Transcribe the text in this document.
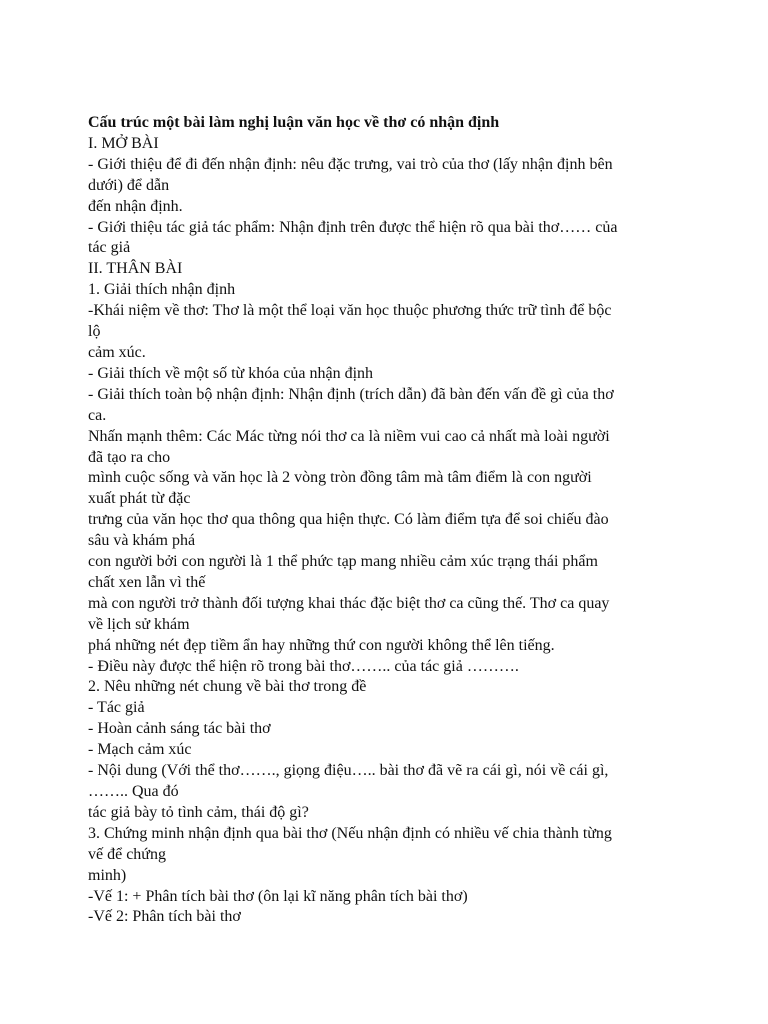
Cấu trúc một bài làm nghị luận văn học về thơ có nhận định
I. MỞ BÀI
- Giới thiệu để đi đến nhận định: nêu đặc trưng, vai trò của thơ (lấy nhận định bên
dưới) để dẫn
đến nhận định.
- Giới thiệu tác giả tác phẩm: Nhận định trên được thể hiện rõ qua bài thơ…… của
tác giả
II. THÂN BÀI
1. Giải thích nhận định
-Khái niệm về thơ: Thơ là một thể loại văn học thuộc phương thức trữ tình để bộc
lộ
cảm xúc.
- Giải thích về một số từ khóa của nhận định
- Giải thích toàn bộ nhận định: Nhận định (trích dẫn) đã bàn đến vấn đề gì của thơ
ca.
Nhấn mạnh thêm: Các Mác từng nói thơ ca là niềm vui cao cả nhất mà loài người
đã tạo ra cho
mình cuộc sống và văn học là 2 vòng tròn đồng tâm mà tâm điểm là con người
xuất phát từ đặc
trưng của văn học thơ qua thông qua hiện thực. Có làm điểm tựa để soi chiếu đào
sâu và khám phá
con người bởi con người là 1 thể phức tạp mang nhiều cảm xúc trạng thái phẩm
chất xen lẫn vì thế
mà con người trở thành đối tượng khai thác đặc biệt thơ ca cũng thế. Thơ ca quay
về lịch sử khám
phá những nét đẹp tiềm ẩn hay những thứ con người không thể lên tiếng.
- Điều này được thể hiện rõ trong bài thơ…….. của tác giả ……….
2. Nêu những nét chung về bài thơ trong đề
- Tác giả
- Hoàn cảnh sáng tác bài thơ
- Mạch cảm xúc
- Nội dung (Với thể thơ……., giọng điệu….. bài thơ đã vẽ ra cái gì, nói về cái gì,
…….. Qua đó
tác giả bày tỏ tình cảm, thái độ gì?
3. Chứng minh nhận định qua bài thơ (Nếu nhận định có nhiều vế chia thành từng
vế để chứng
minh)
-Vế 1: + Phân tích bài thơ (ôn lại kĩ năng phân tích bài thơ)
-Vế 2: Phân tích bài thơ
